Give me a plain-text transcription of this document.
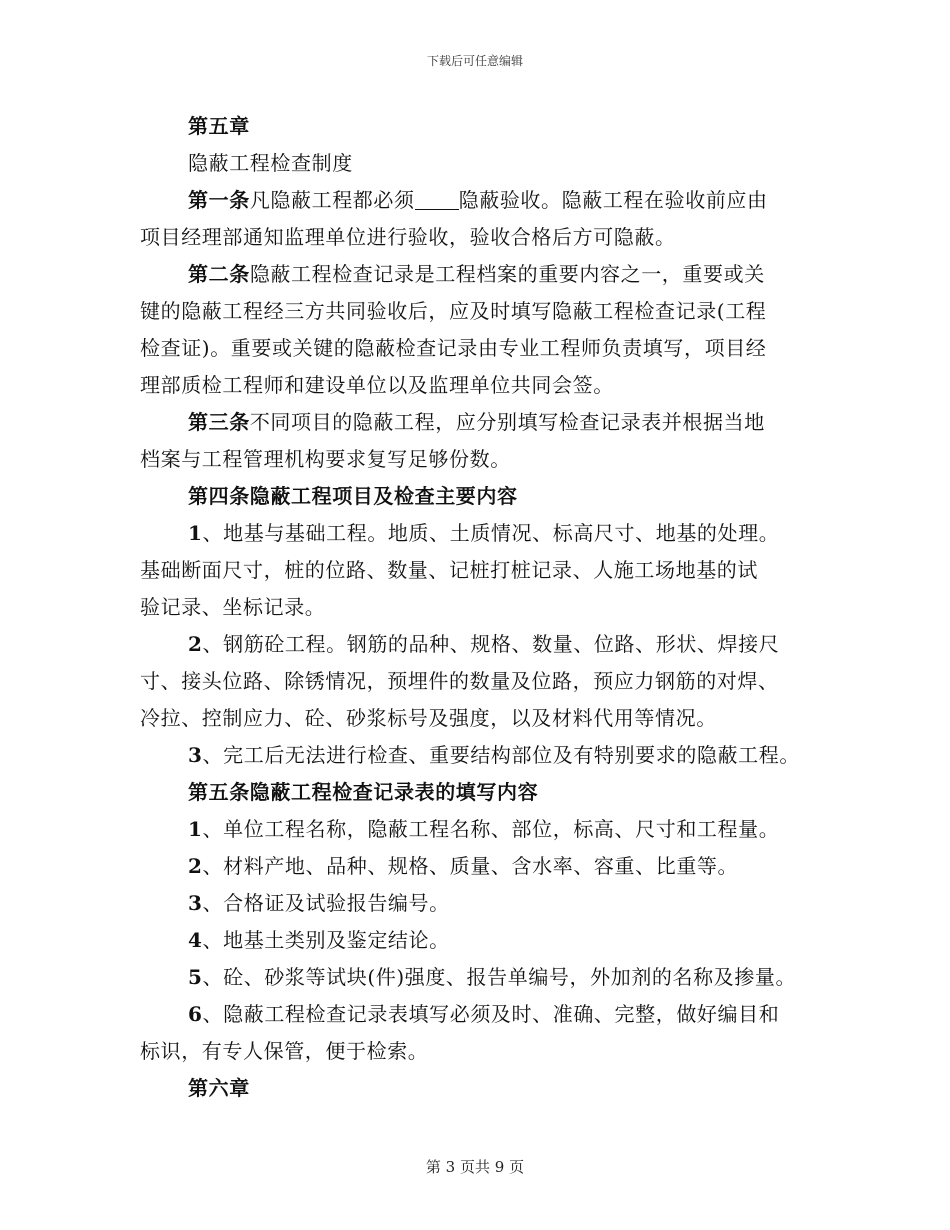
下载后可任意编辑

第五章

隐蔽工程检查制度

第一条凡隐蔽工程都必须 隐蔽验收。隐蔽工程在验收前应由

项目经理部通知监理单位进行验收，验收合格后方可隐蔽。

第二条隐蔽工程检查记录是工程档案的重要内容之一，重要或关

键的隐蔽工程经三方共同验收后，应及时填写隐蔽工程检查记录(工程

检查证)。重要或关键的隐蔽检查记录由专业工程师负责填写，项目经

理部质检工程师和建设单位以及监理单位共同会签。

第三条不同项目的隐蔽工程，应分别填写检查记录表并根据当地

档案与工程管理机构要求复写足够份数。

第四条隐蔽工程项目及检查主要内容

1、地基与基础工程。地质、土质情况、标高尺寸、地基的处理。

基础断面尺寸，桩的位路、数量、记桩打桩记录、人施工场地基的试

验记录、坐标记录。

2、钢筋砼工程。钢筋的品种、规格、数量、位路、形状、焊接尺

寸、接头位路、除锈情况，预埋件的数量及位路，预应力钢筋的对焊、

冷拉、控制应力、砼、砂浆标号及强度，以及材料代用等情况。

3、完工后无法进行检查、重要结构部位及有特别要求的隐蔽工程。

第五条隐蔽工程检查记录表的填写内容

1、单位工程名称，隐蔽工程名称、部位，标高、尺寸和工程量。

2、材料产地、品种、规格、质量、含水率、容重、比重等。

3、合格证及试验报告编号。

4、地基土类别及鉴定结论。

5、砼、砂浆等试块(件)强度、报告单编号，外加剂的名称及掺量。

6、隐蔽工程检查记录表填写必须及时、准确、完整，做好编目和

标识，有专人保管，便于检索。

第六章

第 3 页共 9 页
